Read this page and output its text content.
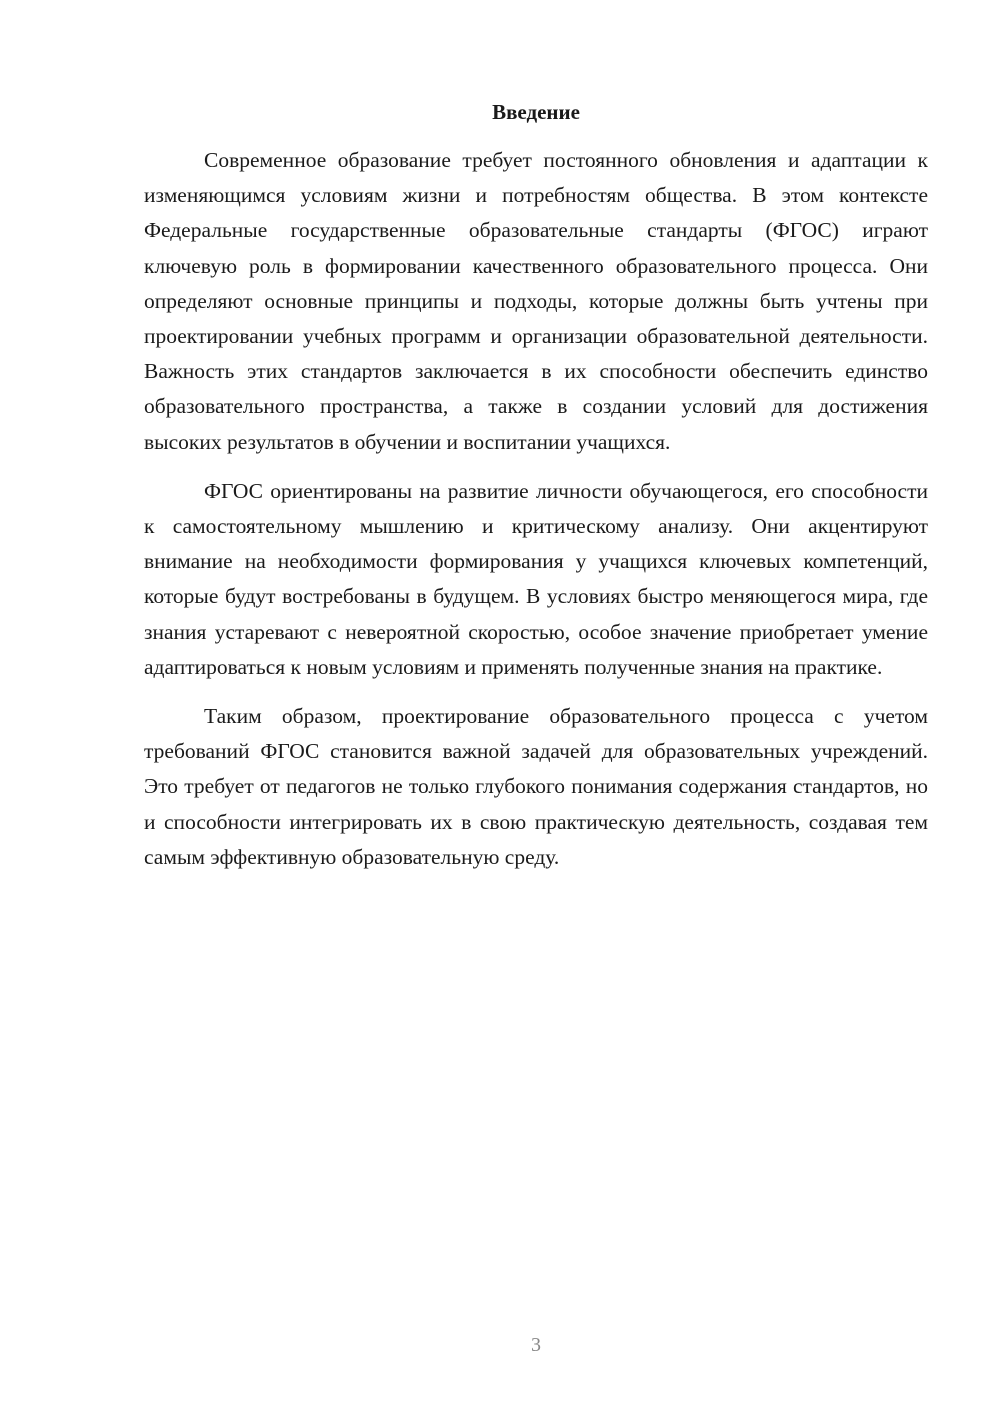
Введение

Современное образование требует постоянного обновления и адаптации к изменяющимся условиям жизни и потребностям общества. В этом контексте Федеральные государственные образовательные стандарты (ФГОС) играют ключевую роль в формировании качественного образовательного процесса. Они определяют основные принципы и подходы, которые должны быть учтены при проектировании учебных программ и организации образовательной деятельности. Важность этих стандартов заключается в их способности обеспечить единство образовательного пространства, а также в создании условий для достижения высоких результатов в обучении и воспитании учащихся.

ФГОС ориентированы на развитие личности обучающегося, его способности к самостоятельному мышлению и критическому анализу. Они акцентируют внимание на необходимости формирования у учащихся ключевых компетенций, которые будут востребованы в будущем. В условиях быстро меняющегося мира, где знания устаревают с невероятной скоростью, особое значение приобретает умение адаптироваться к новым условиям и применять полученные знания на практике.

Таким образом, проектирование образовательного процесса с учетом требований ФГОС становится важной задачей для образовательных учреждений. Это требует от педагогов не только глубокого понимания содержания стандартов, но и способности интегрировать их в свою практическую деятельность, создавая тем самым эффективную образовательную среду.

3
